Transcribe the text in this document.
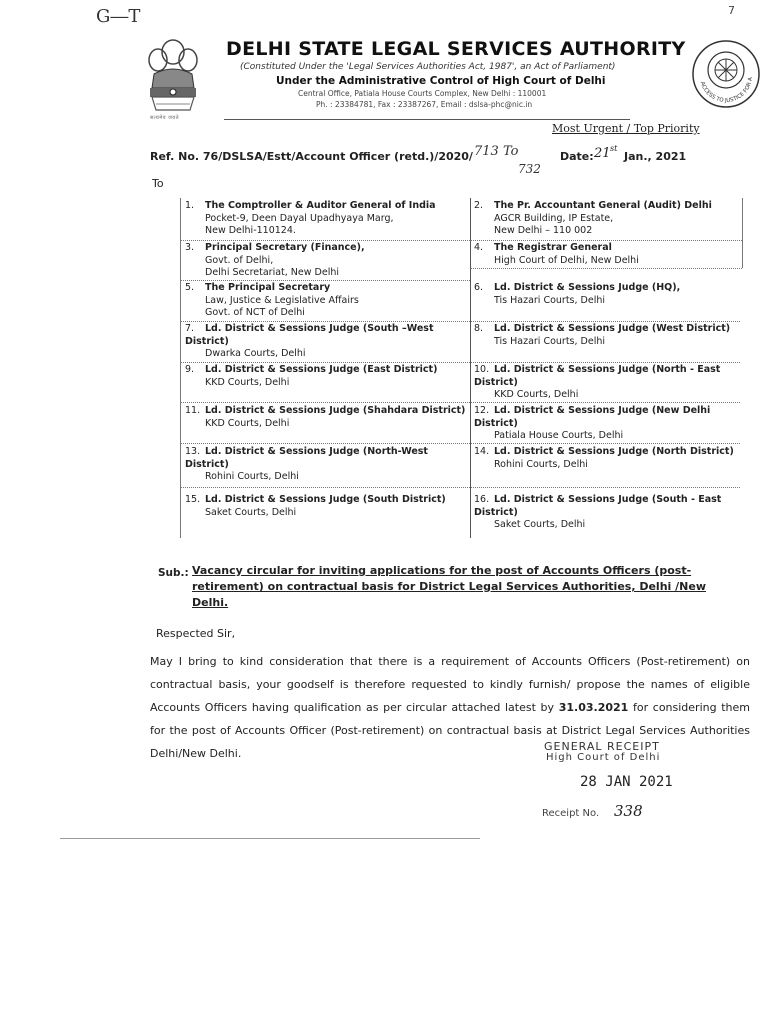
G―T	7
सत्यमेव जयते
DELHI STATE LEGAL SERVICES AUTHORITY
(Constituted Under the 'Legal Services Authorities Act, 1987', an Act of Parliament)
Under the Administrative Control of High Court of Delhi
Central Office, Patiala House Courts Complex, New Delhi : 110001
Ph. : 23384781, Fax : 23387267, Email : dslsa-phc@nic.in
ACCESS TO JUSTICE FOR A
Most Urgent / Top Priority
Ref. No. 76/DSLSA/Estt/Account Officer (retd.)/2020/ 713 To
732
Date: 21 st
Jan., 2021
To
1. The Comptroller & Auditor General of India
Pocket-9, Deen Dayal Upadhyaya Marg,
New Delhi-110124.
2. The Pr. Accountant General (Audit) Delhi
AGCR Building, IP Estate,
New Delhi – 110 002
3. Principal Secretary (Finance),
Govt. of Delhi,
Delhi Secretariat, New Delhi
4. The Registrar General
High Court of Delhi, New Delhi
5. The Principal Secretary
Law, Justice & Legislative Affairs
Govt. of NCT of Delhi
6. Ld. District & Sessions Judge (HQ),
Tis Hazari Courts, Delhi
7. Ld. District & Sessions Judge (South –West District)
Dwarka Courts, Delhi
8. Ld. District & Sessions Judge (West District)
Tis Hazari Courts, Delhi
9. Ld. District & Sessions Judge (East District)
KKD Courts, Delhi
10. Ld. District & Sessions Judge (North - East District)
KKD Courts, Delhi
11. Ld. District & Sessions Judge (Shahdara District)
KKD Courts, Delhi
12. Ld. District & Sessions Judge (New Delhi District)
Patiala House Courts, Delhi
13. Ld. District & Sessions Judge (North-West District)
Rohini Courts, Delhi
14. Ld. District & Sessions Judge (North District)
Rohini Courts, Delhi
15. Ld. District & Sessions Judge (South District)
Saket Courts, Delhi
16. Ld. District & Sessions Judge (South - East District)
Saket Courts, Delhi
Sub.: Vacancy circular for inviting applications for the post of Accounts Officers (post-retirement) on contractual basis for District Legal Services Authorities, Delhi /New Delhi.
Respected Sir,

May I bring to kind consideration that there is a requirement of Accounts Officers (Post-retirement) on contractual basis, your goodself is therefore requested to kindly furnish/ propose the names of eligible Accounts Officers having qualification as per circular attached latest by 31.03.2021 for considering them for the post of Accounts Officer (Post-retirement) on contractual basis at District Legal Services Authorities Delhi/New Delhi.

GENERAL RECEIPT
High Court of Delhi
28 JAN 2021
Receipt No. 338
